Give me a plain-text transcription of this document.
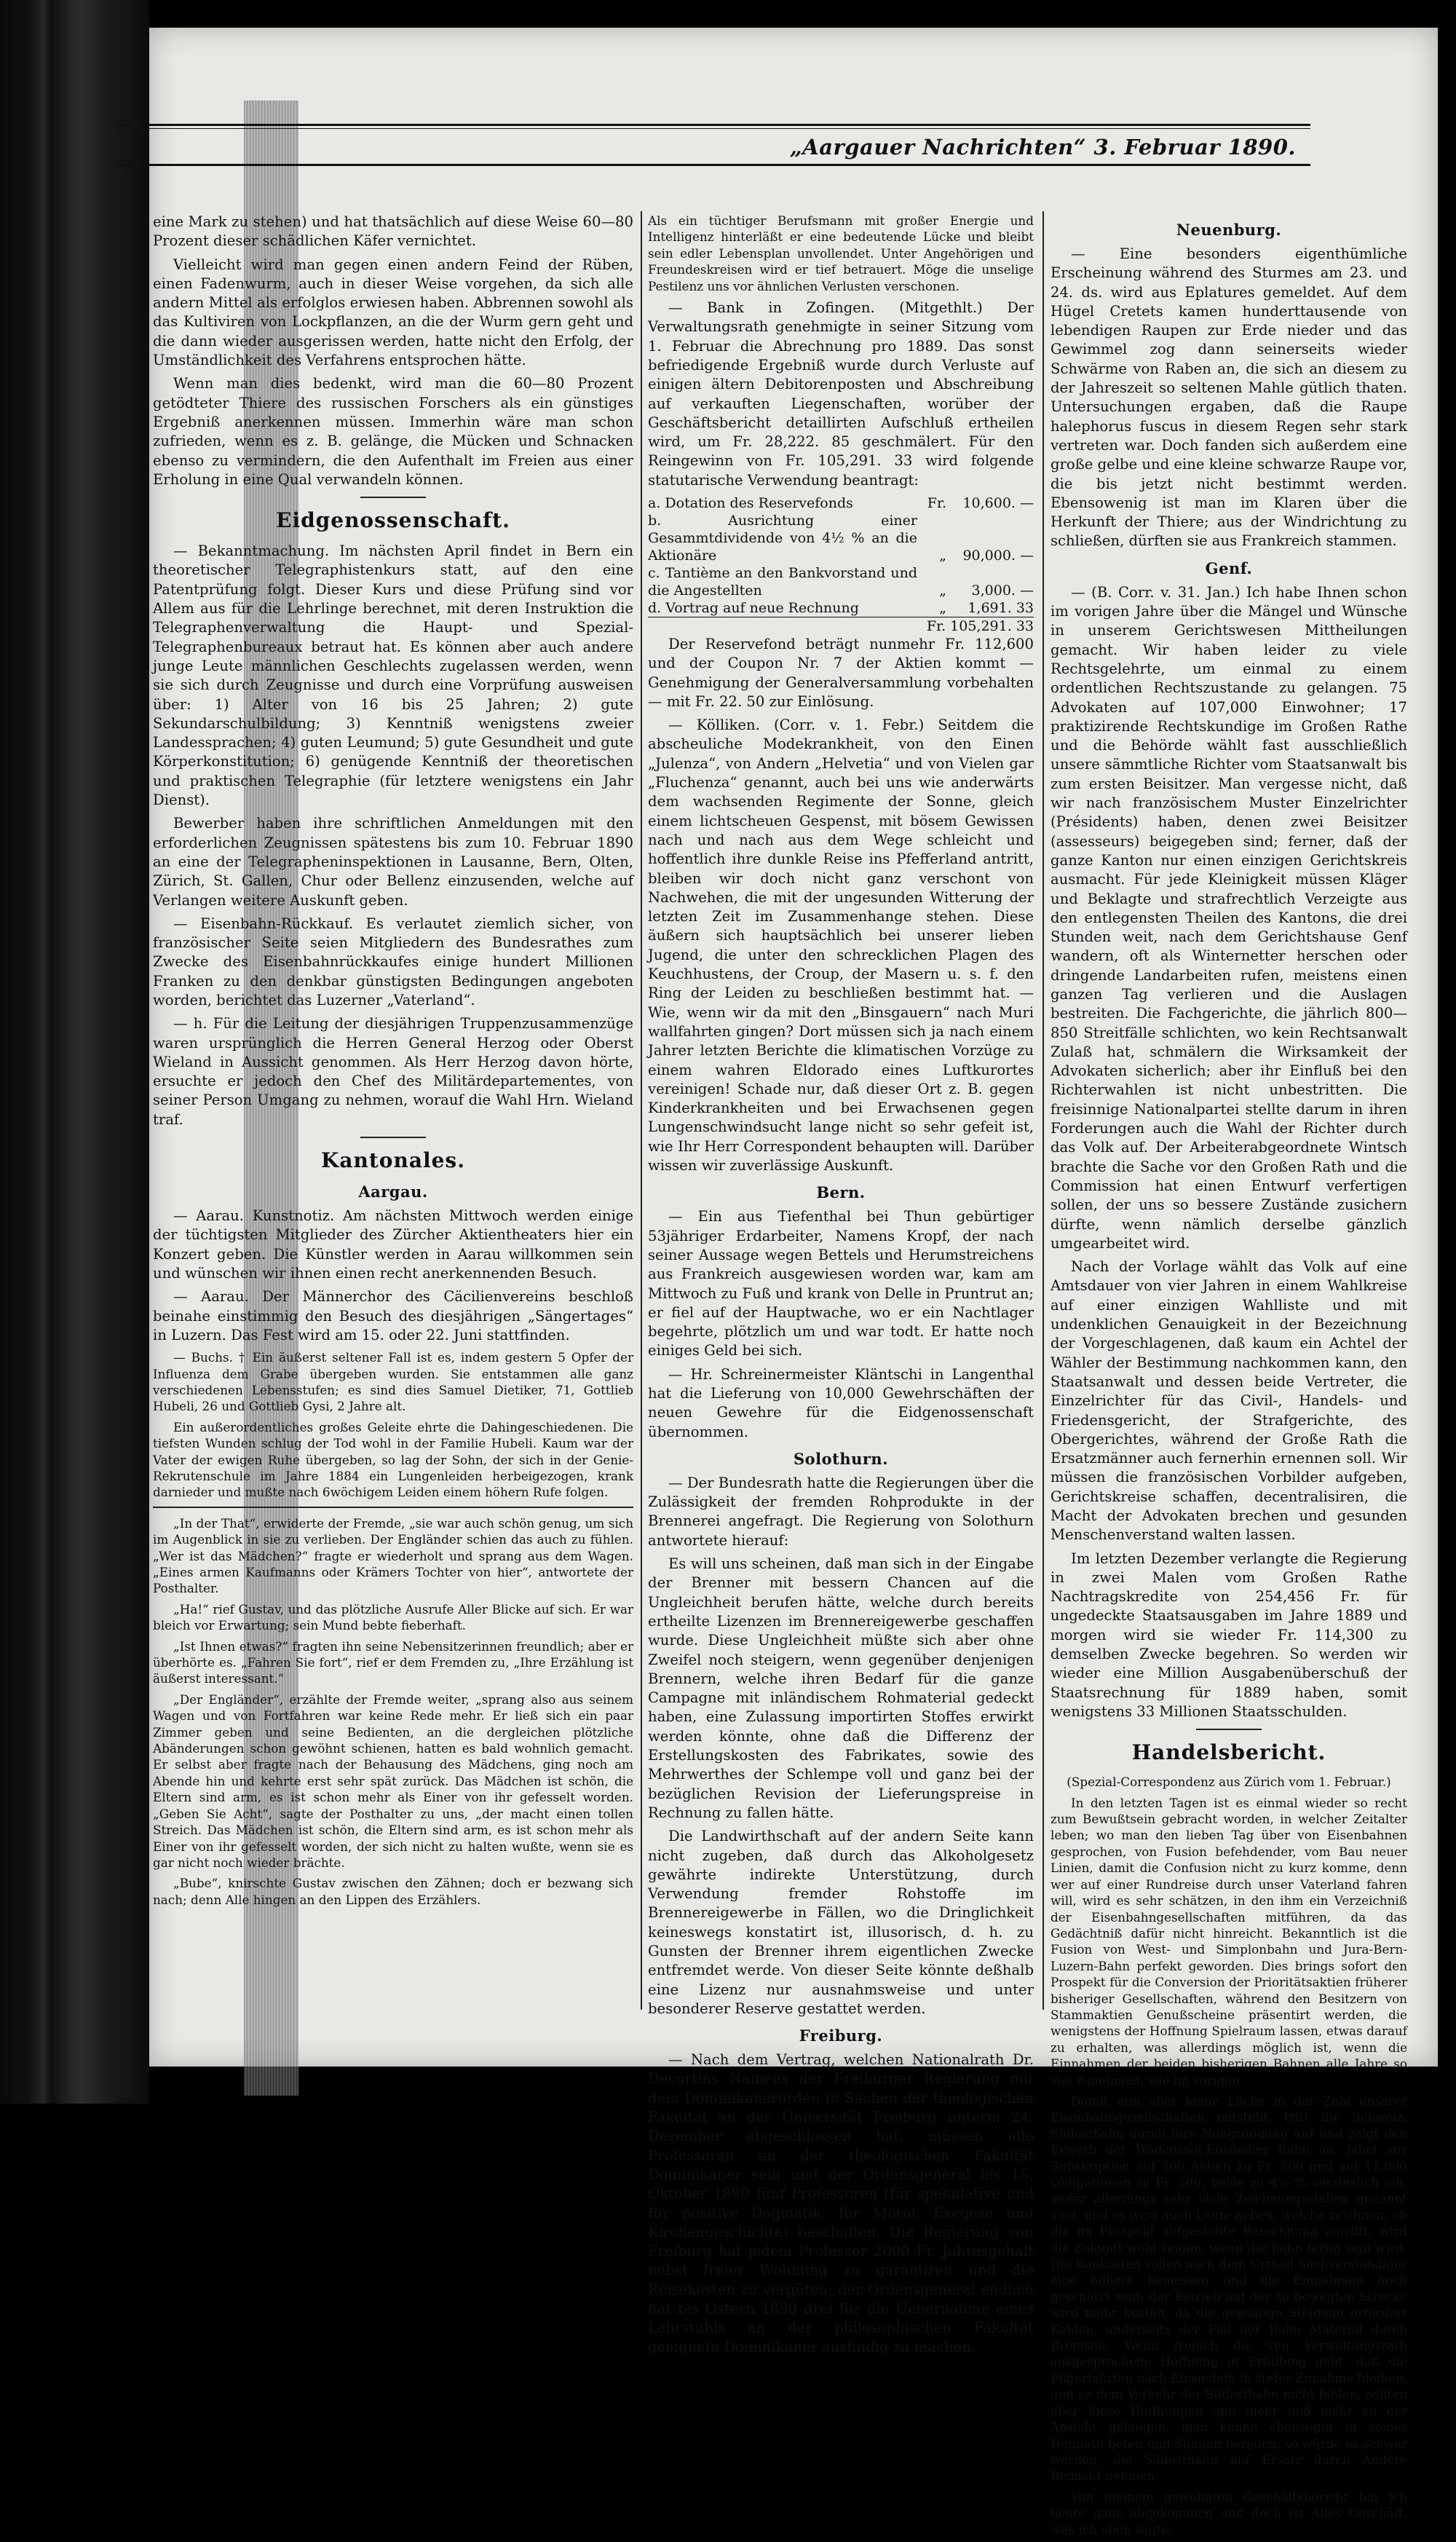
„Aargauer Nachrichten“ 3. Februar 1890.

eine Mark zu stehen) und hat thatsächlich auf diese Weise 60—80 Prozent dieser schädlichen Käfer vernichtet.

Vielleicht wird man gegen einen andern Feind der Rüben, einen Fadenwurm, auch in dieser Weise vorgehen, da sich alle andern Mittel als erfolglos erwiesen haben. Abbrennen sowohl als das Kultiviren von Lockpflanzen, an die der Wurm gern geht und die dann wieder ausgerissen werden, hatte nicht den Erfolg, der Umständlichkeit des Verfahrens entsprochen hätte.

Wenn man dies bedenkt, wird man die 60—80 Prozent getödteter Thiere des russischen Forschers als ein günstiges Ergebniß anerkennen müssen. Immerhin wäre man schon zufrieden, wenn es z. B. gelänge, die Mücken und Schnacken ebenso zu vermindern, die den Aufenthalt im Freien aus einer Erholung in eine Qual verwandeln können.

Eidgenossenschaft.

— Bekanntmachung. Im nächsten April findet in Bern ein theoretischer Telegraphistenkurs statt, auf den eine Patentprüfung folgt. Dieser Kurs und diese Prüfung sind vor Allem aus für die Lehrlinge berechnet, mit deren Instruktion die Telegraphenverwaltung die Haupt- und Spezial-Telegraphenbureaux betraut hat. Es können aber auch andere junge Leute männlichen Geschlechts zugelassen werden, wenn sie sich durch Zeugnisse und durch eine Vorprüfung ausweisen über: 1) Alter von 16 bis 25 Jahren; 2) gute Sekundarschulbildung; 3) Kenntniß wenigstens zweier Landessprachen; 4) guten Leumund; 5) gute Gesundheit und gute Körperkonstitution; 6) genügende Kenntniß der theoretischen und praktischen Telegraphie (für letztere wenigstens ein Jahr Dienst).

Bewerber haben ihre schriftlichen Anmeldungen mit den erforderlichen Zeugnissen spätestens bis zum 10. Februar 1890 an eine der Telegrapheninspektionen in Lausanne, Bern, Olten, Zürich, St. Gallen, Chur oder Bellenz einzusenden, welche auf Verlangen weitere Auskunft geben.

— Eisenbahn-Rückkauf. Es verlautet ziemlich sicher, von französischer Seite seien Mitgliedern des Bundesrathes zum Zwecke des Eisenbahnrückkaufes einige hundert Millionen Franken zu den denkbar günstigsten Bedingungen angeboten worden, berichtet das Luzerner „Vaterland“.

— h. Für die Leitung der diesjährigen Truppenzusammenzüge waren ursprünglich die Herren General Herzog oder Oberst Wieland in Aussicht genommen. Als Herr Herzog davon hörte, ersuchte er jedoch den Chef des Militärdepartementes, von seiner Person Umgang zu nehmen, worauf die Wahl Hrn. Wieland traf.

Kantonales.
Aargau.

— Aarau. Kunstnotiz. Am nächsten Mittwoch werden einige der tüchtigsten Mitglieder des Zürcher Aktientheaters hier ein Konzert geben. Die Künstler werden in Aarau willkommen sein und wünschen wir ihnen einen recht anerkennenden Besuch.

— Aarau. Der Männerchor des Cäcilienvereins beschloß beinahe einstimmig den Besuch des diesjährigen „Sängertages“ in Luzern. Das Fest wird am 15. oder 22. Juni stattfinden.

— Buchs. † Ein äußerst seltener Fall ist es, indem gestern 5 Opfer der Influenza dem Grabe übergeben wurden. Sie entstammen alle ganz verschiedenen Lebensstufen; es sind dies Samuel Dietiker, 71, Gottlieb Hubeli, 26 und Gottlieb Gysi, 2 Jahre alt.

Ein außerordentliches großes Geleite ehrte die Dahingeschiedenen. Die tiefsten Wunden schlug der Tod wohl in der Familie Hubeli. Kaum war der Vater der ewigen Ruhe übergeben, so lag der Sohn, der sich in der Genie-Rekrutenschule im Jahre 1884 ein Lungenleiden herbeigezogen, krank darnieder und mußte nach 6wöchigem Leiden einem höhern Rufe folgen.

„In der That“, erwiderte der Fremde, „sie war auch schön genug, um sich im Augenblick in sie zu verlieben. Der Engländer schien das auch zu fühlen. „Wer ist das Mädchen?“ fragte er wiederholt und sprang aus dem Wagen. „Eines armen Kaufmanns oder Krämers Tochter von hier“, antwortete der Posthalter.

„Ha!“ rief Gustav, und das plötzliche Ausrufe Aller Blicke auf sich. Er war bleich vor Erwartung; sein Mund bebte fieberhaft.

„Ist Ihnen etwas?“ fragten ihn seine Nebensitzerinnen freundlich; aber er überhörte es. „Fahren Sie fort“, rief er dem Fremden zu, „Ihre Erzählung ist äußerst interessant.“

„Der Engländer“, erzählte der Fremde weiter, „sprang also aus seinem Wagen und von Fortfahren war keine Rede mehr. Er ließ sich ein paar Zimmer geben und seine Bedienten, an die dergleichen plötzliche Abänderungen schon gewöhnt schienen, hatten es bald wohnlich gemacht. Er selbst aber fragte nach der Behausung des Mädchens, ging noch am Abende hin und kehrte erst sehr spät zurück. Das Mädchen ist schön, die Eltern sind arm, es ist schon mehr als Einer von ihr gefesselt worden. „Geben Sie Acht“, sagte der Posthalter zu uns, „der macht einen tollen Streich. Das Mädchen ist schön, die Eltern sind arm, es ist schon mehr als Einer von ihr gefesselt worden, der sich nicht zu halten wußte, wenn sie es gar nicht noch wieder brächte.

„Bube“, knirschte Gustav zwischen den Zähnen; doch er bezwang sich nach; denn Alle hingen an den Lippen des Erzählers.

Als ein tüchtiger Berufsmann mit großer Energie und Intelligenz hinterläßt er eine bedeutende Lücke und bleibt sein edler Lebensplan unvollendet. Unter Angehörigen und Freundeskreisen wird er tief betrauert. Möge die unselige Pestilenz uns vor ähnlichen Verlusten verschonen.

— Bank in Zofingen. (Mitgethlt.) Der Verwaltungsrath genehmigte in seiner Sitzung vom 1. Februar die Abrechnung pro 1889. Das sonst befriedigende Ergebniß wurde durch Verluste auf einigen ältern Debitorenposten und Abschreibung auf verkauften Liegenschaften, worüber der Geschäftsbericht detaillirten Aufschluß ertheilen wird, um Fr. 28,222. 85 geschmälert. Für den Reingewinn von Fr. 105,291. 33 wird folgende statutarische Verwendung beantragt:

a. Dotation des Reservefonds	Fr.	10,600. —
b. Ausrichtung einer Gesammtdividende von 4½ % an die Aktionäre	„	90,000. —
c. Tantième an den Bankvorstand und die Angestellten	„	3,000. —
d. Vortrag auf neue Rechnung	„	1,691. 33
Fr. 105,291. 33		

Der Reservefond beträgt nunmehr Fr. 112,600 und der Coupon Nr. 7 der Aktien kommt — Genehmigung der Generalversammlung vorbehalten — mit Fr. 22. 50 zur Einlösung.

— Kölliken. (Corr. v. 1. Febr.) Seitdem die abscheuliche Modekrankheit, von den Einen „Julenza“, von Andern „Helvetia“ und von Vielen gar „Fluchenza“ genannt, auch bei uns wie anderwärts dem wachsenden Regimente der Sonne, gleich einem lichtscheuen Gespenst, mit bösem Gewissen nach und nach aus dem Wege schleicht und hoffentlich ihre dunkle Reise ins Pfefferland antritt, bleiben wir doch nicht ganz verschont von Nachwehen, die mit der ungesunden Witterung der letzten Zeit im Zusammenhange stehen. Diese äußern sich hauptsächlich bei unserer lieben Jugend, die unter den schrecklichen Plagen des Keuchhustens, der Croup, der Masern u. s. f. den Ring der Leiden zu beschließen bestimmt hat. — Wie, wenn wir da mit den „Binsgauern“ nach Muri wallfahrten gingen? Dort müssen sich ja nach einem Jahrer letzten Berichte die klimatischen Vorzüge zu einem wahren Eldorado eines Luftkurortes vereinigen! Schade nur, daß dieser Ort z. B. gegen Kinderkrankheiten und bei Erwachsenen gegen Lungenschwindsucht lange nicht so sehr gefeit ist, wie Ihr Herr Correspondent behaupten will. Darüber wissen wir zuverlässige Auskunft.

Bern.

— Ein aus Tiefenthal bei Thun gebürtiger 53jähriger Erdarbeiter, Namens Kropf, der nach seiner Aussage wegen Bettels und Herumstreichens aus Frankreich ausgewiesen worden war, kam am Mittwoch zu Fuß und krank von Delle in Pruntrut an; er fiel auf der Hauptwache, wo er ein Nachtlager begehrte, plötzlich um und war todt. Er hatte noch einiges Geld bei sich.

— Hr. Schreinermeister Kläntschi in Langenthal hat die Lieferung von 10,000 Gewehrschäften der neuen Gewehre für die Eidgenossenschaft übernommen.

Solothurn.

— Der Bundesrath hatte die Regierungen über die Zulässigkeit der fremden Rohprodukte in der Brennerei angefragt. Die Regierung von Solothurn antwortete hierauf:

Es will uns scheinen, daß man sich in der Eingabe der Brenner mit bessern Chancen auf die Ungleichheit berufen hätte, welche durch bereits ertheilte Lizenzen im Brennereigewerbe geschaffen wurde. Diese Ungleichheit müßte sich aber ohne Zweifel noch steigern, wenn gegenüber denjenigen Brennern, welche ihren Bedarf für die ganze Campagne mit inländischem Rohmaterial gedeckt haben, eine Zulassung importirten Stoffes erwirkt werden könnte, ohne daß die Differenz der Erstellungskosten des Fabrikates, sowie des Mehrwerthes der Schlempe voll und ganz bei der bezüglichen Revision der Lieferungspreise in Rechnung zu fallen hätte.

Die Landwirthschaft auf der andern Seite kann nicht zugeben, daß durch das Alkoholgesetz gewährte indirekte Unterstützung, durch Verwendung fremder Rohstoffe im Brennereigewerbe in Fällen, wo die Dringlichkeit keineswegs konstatirt ist, illusorisch, d. h. zu Gunsten der Brenner ihrem eigentlichen Zwecke entfremdet werde. Von dieser Seite könnte deßhalb eine Lizenz nur ausnahmsweise und unter besonderer Reserve gestattet werden.

Freiburg.

— Nach dem Vertrag, welchen Nationalrath Dr. Decurtins Namens der Freiburger Regierung mit dem Dominikanerorden in Sachen der theologischen Fakultät an der Universität Freiburg unterm 24. Dezember abgeschlossen hat, müssen alle Professoren an der theologischen Fakultät Dominikaner sein und der Ordensgeneral bis 15. Oktober 1890 fünf Professoren (für spekulative und für positive Dogmatik, für Moral, Exegese und Kirchengeschichte) beschaffen. Die Regierung von Freiburg hat jedem Professor 2000 Fr. Jahresgehalt nebst freier Wohnung zu garantiren und die Reisekosten zu vergüten; der Ordensgeneral endlich hat bis Ostern 1890 drei für die Uebernahme eines Lehrstuhls an der philosophischen Fakultät geeignete Dominikaner ausfindig zu machen.

Neuenburg.

— Eine besonders eigenthümliche Erscheinung während des Sturmes am 23. und 24. ds. wird aus Eplatures gemeldet. Auf dem Hügel Cretets kamen hunderttausende von lebendigen Raupen zur Erde nieder und das Gewimmel zog dann seinerseits wieder Schwärme von Raben an, die sich an diesem zu der Jahreszeit so seltenen Mahle gütlich thaten. Untersuchungen ergaben, daß die Raupe halephorus fuscus in diesem Regen sehr stark vertreten war. Doch fanden sich außerdem eine große gelbe und eine kleine schwarze Raupe vor, die bis jetzt nicht bestimmt werden. Ebensowenig ist man im Klaren über die Herkunft der Thiere; aus der Windrichtung zu schließen, dürften sie aus Frankreich stammen.

Genf.

— (B. Corr. v. 31. Jan.) Ich habe Ihnen schon im vorigen Jahre über die Mängel und Wünsche in unserem Gerichtswesen Mittheilungen gemacht. Wir haben leider zu viele Rechtsgelehrte, um einmal zu einem ordentlichen Rechtszustande zu gelangen. 75 Advokaten auf 107,000 Einwohner; 17 praktizirende Rechtskundige im Großen Rathe und die Behörde wählt fast ausschließlich unsere sämmtliche Richter vom Staatsanwalt bis zum ersten Beisitzer. Man vergesse nicht, daß wir nach französischem Muster Einzelrichter (Présidents) haben, denen zwei Beisitzer (assesseurs) beigegeben sind; ferner, daß der ganze Kanton nur einen einzigen Gerichtskreis ausmacht. Für jede Kleinigkeit müssen Kläger und Beklagte und strafrechtlich Verzeigte aus den entlegensten Theilen des Kantons, die drei Stunden weit, nach dem Gerichtshause Genf wandern, oft als Winternetter herschen oder dringende Landarbeiten rufen, meistens einen ganzen Tag verlieren und die Auslagen bestreiten. Die Fachgerichte, die jährlich 800—850 Streitfälle schlichten, wo kein Rechtsanwalt Zulaß hat, schmälern die Wirksamkeit der Advokaten sicherlich; aber ihr Einfluß bei den Richterwahlen ist nicht unbestritten. Die freisinnige Nationalpartei stellte darum in ihren Forderungen auch die Wahl der Richter durch das Volk auf. Der Arbeiterabgeordnete Wintsch brachte die Sache vor den Großen Rath und die Commission hat einen Entwurf verfertigen sollen, der uns so bessere Zustände zusichern dürfte, wenn nämlich derselbe gänzlich umgearbeitet wird.

Nach der Vorlage wählt das Volk auf eine Amtsdauer von vier Jahren in einem Wahlkreise auf einer einzigen Wahlliste und mit undenklichen Genauigkeit in der Bezeichnung der Vorgeschlagenen, daß kaum ein Achtel der Wähler der Bestimmung nachkommen kann, den Staatsanwalt und dessen beide Vertreter, die Einzelrichter für das Civil-, Handels- und Friedensgericht, der Strafgerichte, des Obergerichtes, während der Große Rath die Ersatzmänner auch fernerhin ernennen soll. Wir müssen die französischen Vorbilder aufgeben, Gerichtskreise schaffen, decentralisiren, die Macht der Advokaten brechen und gesunden Menschenverstand walten lassen.

Im letzten Dezember verlangte die Regierung in zwei Malen vom Großen Rathe Nachtragskredite von 254,456 Fr. für ungedeckte Staatsausgaben im Jahre 1889 und morgen wird sie wieder Fr. 114,300 zu demselben Zwecke begehren. So werden wir wieder eine Million Ausgabenüberschuß der Staatsrechnung für 1889 haben, somit wenigstens 33 Millionen Staatsschulden.

Handelsbericht.

(Spezial-Correspondenz aus Zürich vom 1. Februar.)

In den letzten Tagen ist es einmal wieder so recht zum Bewußtsein gebracht worden, in welcher Zeitalter leben; wo man den lieben Tag über von Eisenbahnen gesprochen, von Fusion befehdender, vom Bau neuer Linien, damit die Confusion nicht zu kurz komme, denn wer auf einer Rundreise durch unser Vaterland fahren will, wird es sehr schätzen, in den ihm ein Verzeichniß der Eisenbahngesellschaften mitführen, da das Gedächtniß dafür nicht hinreicht. Bekanntlich ist die Fusion von West- und Simplonbahn und Jura-Bern-Luzern-Bahn perfekt geworden. Dies brings sofort den Prospekt für die Conversion der Prioritätsaktien früherer bisheriger Gesellschaften, während den Besitzern von Stammaktien Genußscheine präsentirt werden, die wenigstens der Hoffnung Spielraum lassen, etwas darauf zu erhalten, was allerdings möglich ist, wenn die Einnahmen der beiden bisherigen Bahnen alle Jahre so viel zunehmen, wie im vorigen.

Damit nun aber keine Lücke in der Zahl unserer Eisenbahngesellschaften entsteht, tritt die Schweiz. Südostbahn durch ihre Neugründung auf und zeigt den Erwerb der Wädenswil-Einsiedler Bahn an, labet zur Subskription auf 800 Aktien zu Fr. 500 und auf 11,000 Obligationen zu Fr. 500, beide zu 4½ % verzinslich ein, wofür allerdings sehr viele Zeichnungsstellen genannt sind, und es wird auch Leute geben, welche zeichnen, ob die im Prospekt aufgestellte Berechnung zutrifft, wird die Zukunft wohl zeigen, wenn die Bahn fertig sein wird. Die Baukosten sollen nach dem Urtheil Sachverständiger eine höhere bemessen und die Einnahmen hoch geschätzt sein; der Betrieb auf der so bewegten Strecke wird mehr kosten, da die gewaltige Steigung erfordert Kohlen, anderseits der Fall der Bahn Material durch Bremsen. Wenn freilich die von Verwaltungsrath ausgesprochene Hoffnung in Erfüllung geht, daß die Pilgerfahrten nach Einsiedeln in steter Zunahme bleiben, und so dem Verkehr der Südostbahn nicht fehlen; sollten aber diese Hoffnungen und mehr und mehr zu der Ansicht gelangen, man könne ebensogut in seiner Heimath beten und Sünden bereuen, so würde es schwer werden, die Südostbahn auf Ersatz durch Andere Bedacht nehmen.

Von meinem gewohnten Geschäftsbericht bin ich heute ganz abgekommen und doch ist Alles Geschäft, was ich oben sagte.
